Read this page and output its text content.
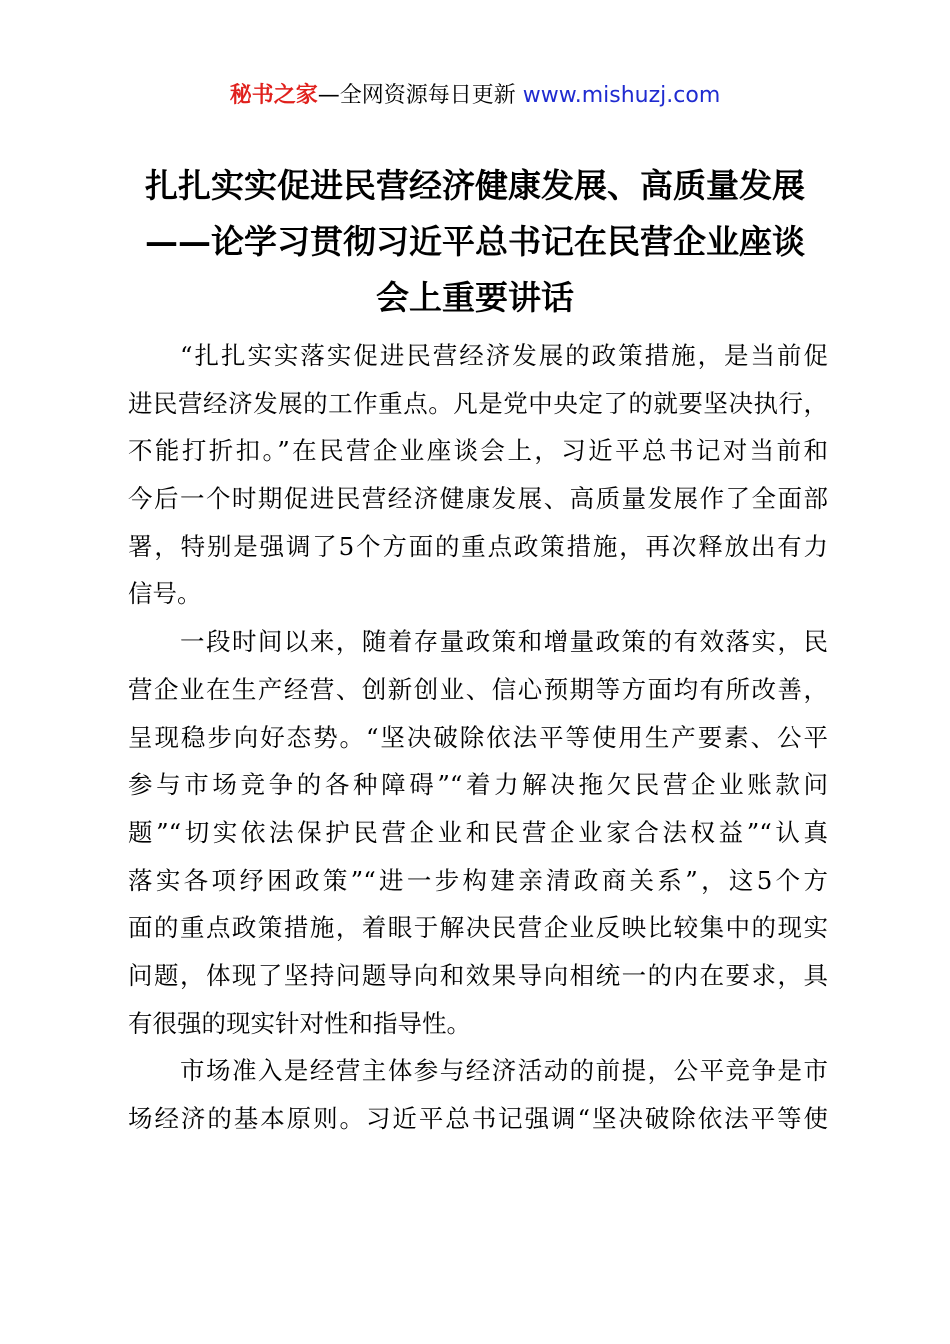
秘书之家—全网资源每日更新 www.mishuzj.com
扎扎实实促进民营经济健康发展、高质量发展
——论学习贯彻习近平总书记在民营企业座谈
会上重要讲话
“扎扎实实落实促进民营经济发展的政策措施，是当前促
进民营经济发展的工作重点。凡是党中央定了的就要坚决执行，
不能打折扣。”在民营企业座谈会上，习近平总书记对当前和
今后一个时期促进民营经济健康发展、高质量发展作了全面部
署，特别是强调了5个方面的重点政策措施，再次释放出有力
信号。
一段时间以来，随着存量政策和增量政策的有效落实，民
营企业在生产经营、创新创业、信心预期等方面均有所改善，
呈现稳步向好态势。“坚决破除依法平等使用生产要素、公平
参与市场竞争的各种障碍”“着力解决拖欠民营企业账款问
题”“切实依法保护民营企业和民营企业家合法权益”“认真
落实各项纾困政策”“进一步构建亲清政商关系”，这5个方
面的重点政策措施，着眼于解决民营企业反映比较集中的现实
问题，体现了坚持问题导向和效果导向相统一的内在要求，具
有很强的现实针对性和指导性。
市场准入是经营主体参与经济活动的前提，公平竞争是市
场经济的基本原则。习近平总书记强调“坚决破除依法平等使
